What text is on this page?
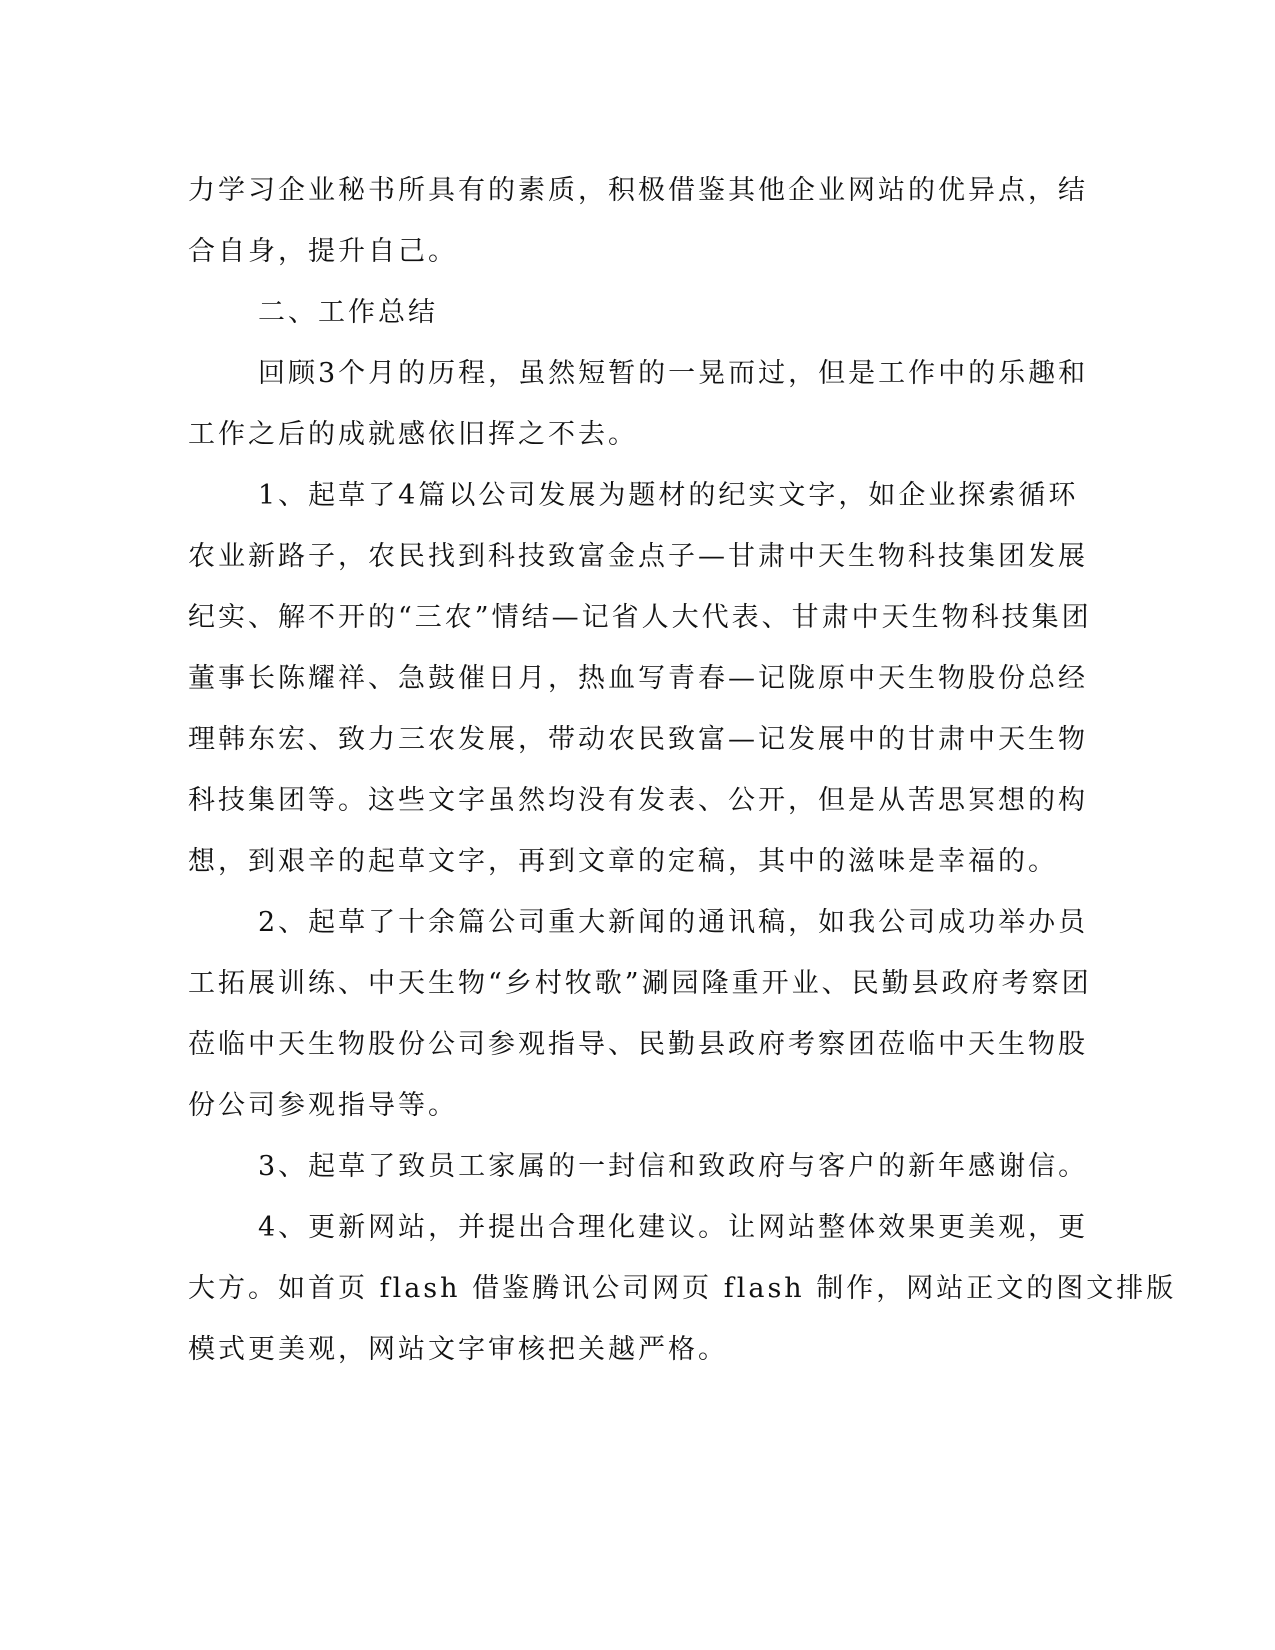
力学习企业秘书所具有的素质，积极借鉴其他企业网站的优异点，结
合自身，提升自己。
二、工作总结
回顾3个月的历程，虽然短暂的一晃而过，但是工作中的乐趣和
工作之后的成就感依旧挥之不去。
1、起草了4篇以公司发展为题材的纪实文字，如企业探索循环
农业新路子，农民找到科技致富金点子—甘肃中天生物科技集团发展
纪实、解不开的“三农”情结—记省人大代表、甘肃中天生物科技集团
董事长陈耀祥、急鼓催日月，热血写青春—记陇原中天生物股份总经
理韩东宏、致力三农发展，带动农民致富—记发展中的甘肃中天生物
科技集团等。这些文字虽然均没有发表、公开，但是从苦思冥想的构
想，到艰辛的起草文字，再到文章的定稿，其中的滋味是幸福的。
2、起草了十余篇公司重大新闻的通讯稿，如我公司成功举办员
工拓展训练、中天生物“乡村牧歌”涮园隆重开业、民勤县政府考察团
莅临中天生物股份公司参观指导、民勤县政府考察团莅临中天生物股
份公司参观指导等。
3、起草了致员工家属的一封信和致政府与客户的新年感谢信。
4、更新网站，并提出合理化建议。让网站整体效果更美观，更
大方。如首页 flash 借鉴腾讯公司网页 flash 制作，网站正文的图文排版
模式更美观，网站文字审核把关越严格。
